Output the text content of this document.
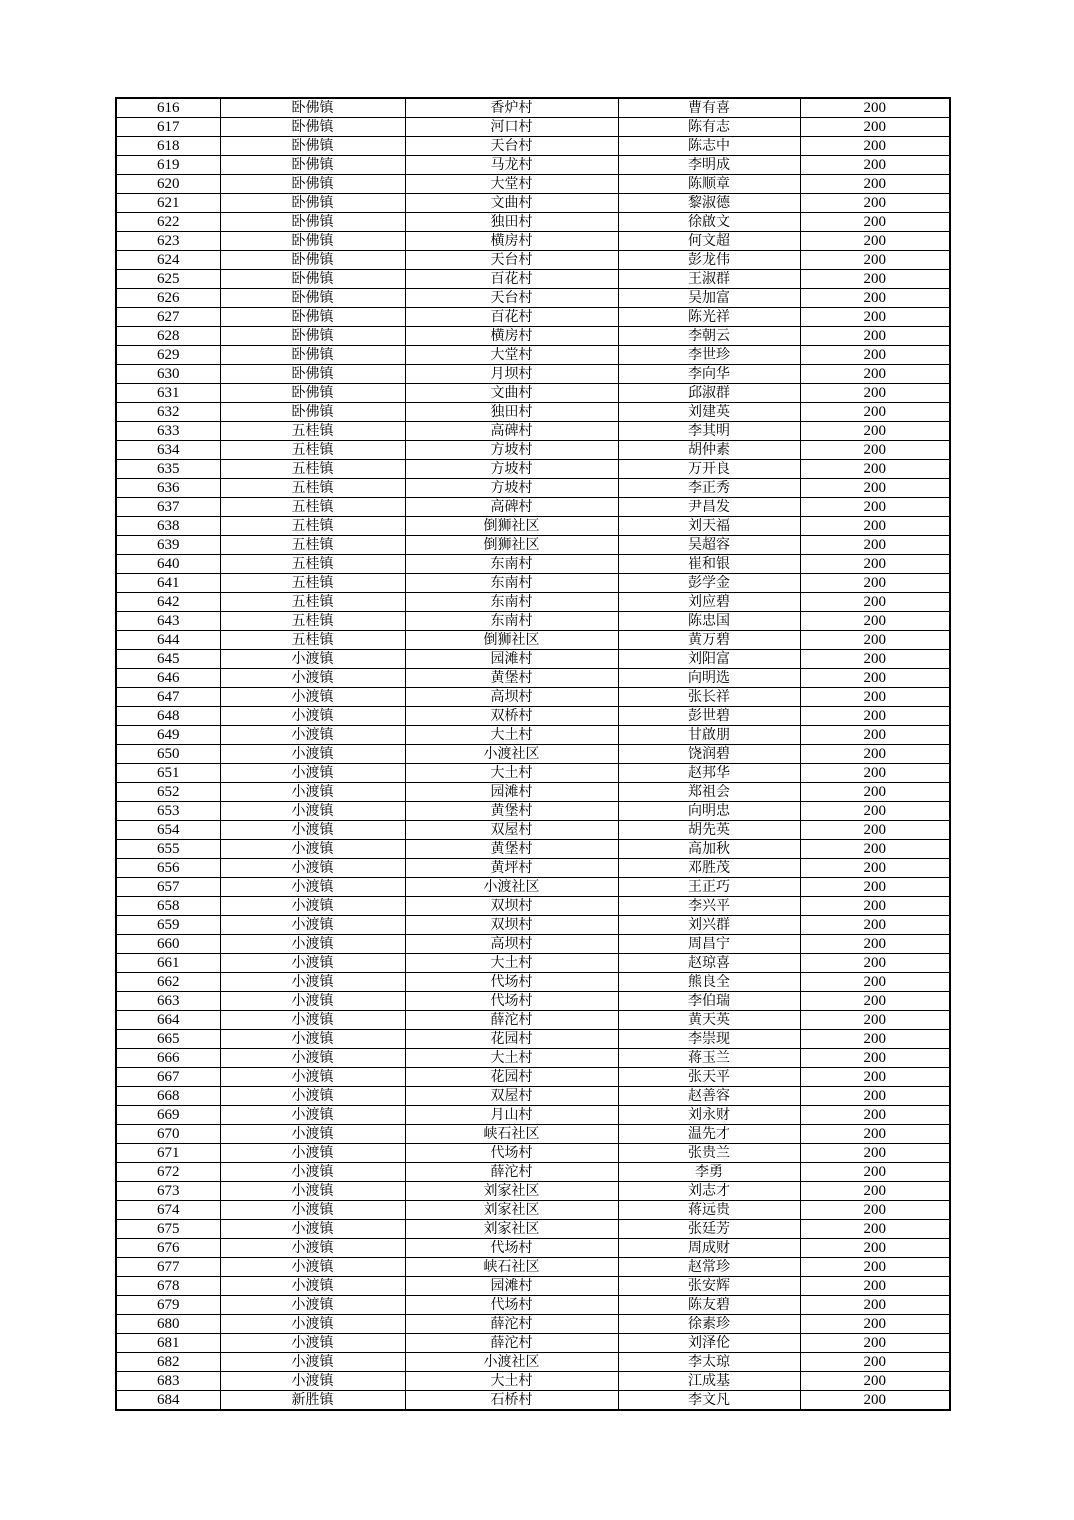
616	卧佛镇	香炉村	曹有喜	200
617	卧佛镇	河口村	陈有志	200
618	卧佛镇	天台村	陈志中	200
619	卧佛镇	马龙村	李明成	200
620	卧佛镇	大堂村	陈顺章	200
621	卧佛镇	文曲村	黎淑德	200
622	卧佛镇	独田村	徐啟文	200
623	卧佛镇	横房村	何文超	200
624	卧佛镇	天台村	彭龙伟	200
625	卧佛镇	百花村	王淑群	200
626	卧佛镇	天台村	吴加富	200
627	卧佛镇	百花村	陈光祥	200
628	卧佛镇	横房村	李朝云	200
629	卧佛镇	大堂村	李世珍	200
630	卧佛镇	月坝村	李向华	200
631	卧佛镇	文曲村	邱淑群	200
632	卧佛镇	独田村	刘建英	200
633	五桂镇	高碑村	李其明	200
634	五桂镇	方坡村	胡仲素	200
635	五桂镇	方坡村	万开良	200
636	五桂镇	方坡村	李正秀	200
637	五桂镇	高碑村	尹昌发	200
638	五桂镇	倒狮社区	刘天福	200
639	五桂镇	倒狮社区	吴超容	200
640	五桂镇	东南村	崔和银	200
641	五桂镇	东南村	彭学金	200
642	五桂镇	东南村	刘应碧	200
643	五桂镇	东南村	陈忠国	200
644	五桂镇	倒狮社区	黄万碧	200
645	小渡镇	园滩村	刘阳富	200
646	小渡镇	黄堡村	向明选	200
647	小渡镇	高坝村	张长祥	200
648	小渡镇	双桥村	彭世碧	200
649	小渡镇	大土村	甘啟朋	200
650	小渡镇	小渡社区	饶润碧	200
651	小渡镇	大土村	赵邦华	200
652	小渡镇	园滩村	郑祖会	200
653	小渡镇	黄堡村	向明忠	200
654	小渡镇	双屋村	胡先英	200
655	小渡镇	黄堡村	高加秋	200
656	小渡镇	黄坪村	邓胜茂	200
657	小渡镇	小渡社区	王正巧	200
658	小渡镇	双坝村	李兴平	200
659	小渡镇	双坝村	刘兴群	200
660	小渡镇	高坝村	周昌宁	200
661	小渡镇	大土村	赵琼喜	200
662	小渡镇	代场村	熊良全	200
663	小渡镇	代场村	李伯瑞	200
664	小渡镇	薛沱村	黄天英	200
665	小渡镇	花园村	李崇现	200
666	小渡镇	大土村	蒋玉兰	200
667	小渡镇	花园村	张天平	200
668	小渡镇	双屋村	赵善容	200
669	小渡镇	月山村	刘永财	200
670	小渡镇	峡石社区	温先才	200
671	小渡镇	代场村	张贵兰	200
672	小渡镇	薛沱村	李勇	200
673	小渡镇	刘家社区	刘志才	200
674	小渡镇	刘家社区	蒋远贵	200
675	小渡镇	刘家社区	张廷芳	200
676	小渡镇	代场村	周成财	200
677	小渡镇	峡石社区	赵常珍	200
678	小渡镇	园滩村	张安辉	200
679	小渡镇	代场村	陈友碧	200
680	小渡镇	薛沱村	徐素珍	200
681	小渡镇	薛沱村	刘泽伦	200
682	小渡镇	小渡社区	李太琼	200
683	小渡镇	大土村	江成基	200
684	新胜镇	石桥村	李文凡	200
